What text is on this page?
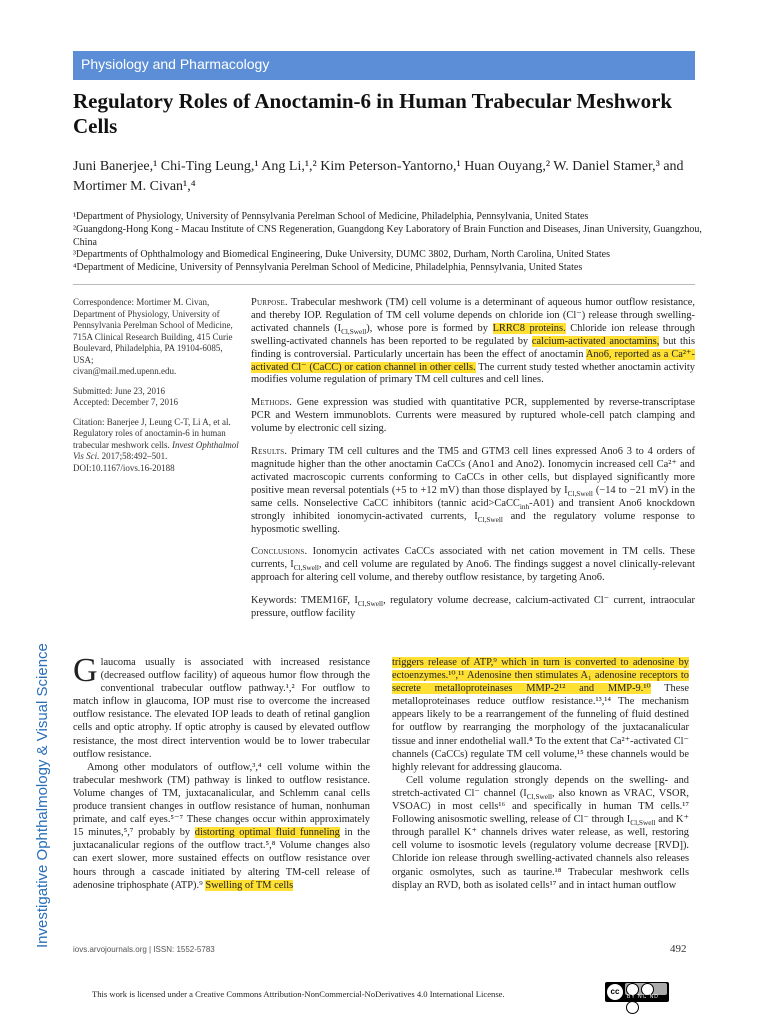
Physiology and Pharmacology
Regulatory Roles of Anoctamin-6 in Human Trabecular Meshwork Cells
Juni Banerjee,¹ Chi-Ting Leung,¹ Ang Li,¹,² Kim Peterson-Yantorno,¹ Huan Ouyang,² W. Daniel Stamer,³ and Mortimer M. Civan¹,⁴
¹Department of Physiology, University of Pennsylvania Perelman School of Medicine, Philadelphia, Pennsylvania, United States
²Guangdong-Hong Kong - Macau Institute of CNS Regeneration, Guangdong Key Laboratory of Brain Function and Diseases, Jinan University, Guangzhou, China
³Departments of Ophthalmology and Biomedical Engineering, Duke University, DUMC 3802, Durham, North Carolina, United States
⁴Department of Medicine, University of Pennsylvania Perelman School of Medicine, Philadelphia, Pennsylvania, United States
Correspondence: Mortimer M. Civan, Department of Physiology, University of Pennsylvania Perelman School of Medicine, 715A Clinical Research Building, 415 Curie Boulevard, Philadelphia, PA 19104-6085, USA;
civan@mail.med.upenn.edu.
Submitted: June 23, 2016
Accepted: December 7, 2016
Citation: Banerjee J, Leung C-T, Li A, et al. Regulatory roles of anoctamin-6 in human trabecular meshwork cells. Invest Ophthalmol Vis Sci. 2017;58:492–501. DOI:10.1167/iovs.16-20188

Purpose. Trabecular meshwork (TM) cell volume is a determinant of aqueous humor outflow resistance, and thereby IOP. Regulation of TM cell volume depends on chloride ion (Cl⁻) release through swelling-activated channels $(I_{Cl,Swell})$, whose pore is formed by LRRC8 proteins. Chloride ion release through swelling-activated channels has been reported to be regulated by calcium-activated anoctamins, but this finding is controversial. Particularly uncertain has been the effect of anoctamin Ano6, reported as a Ca²⁺-activated Cl⁻ (CaCC) or cation channel in other cells. The current study tested whether anoctamin activity modifies volume regulation of primary TM cell cultures and cell lines.

Methods. Gene expression was studied with quantitative PCR, supplemented by reverse-transcriptase PCR and Western immunoblots. Currents were measured by ruptured whole-cell patch clamping and volume by electronic cell sizing.

Results. Primary TM cell cultures and the TM5 and GTM3 cell lines expressed Ano6 3 to 4 orders of magnitude higher than the other anoctamin CaCCs (Ano1 and Ano2). Ionomycin increased cell Ca²⁺ and activated macroscopic currents conforming to CaCCs in other cells, but displayed significantly more positive mean reversal potentials (+5 to +12 mV) than those displayed by $I_{Cl,Swell}$ (−14 to −21 mV) in the same cells. Nonselective CaCC inhibitors (tannic acid>CaCC$_{inh}$-A01) and transient Ano6 knockdown strongly inhibited ionomycin-activated currents, $I_{Cl,Swell}$ and the regulatory volume response to hyposmotic swelling.

Conclusions. Ionomycin activates CaCCs associated with net cation movement in TM cells. These currents, $I_{Cl,Swell}$, and cell volume are regulated by Ano6. The findings suggest a novel clinically-relevant approach for altering cell volume, and thereby outflow resistance, by targeting Ano6.

Keywords: TMEM16F, $I_{Cl,Swell}$, regulatory volume decrease, calcium-activated Cl⁻ current, intraocular pressure, outflow facility

Investigative Ophthalmology & Visual Science Glaucoma usually is associated with increased resistance (decreased outflow facility) of aqueous humor flow through the conventional trabecular outflow pathway.¹,² For outflow to match inflow in glaucoma, IOP must rise to overcome the increased outflow resistance. The elevated IOP leads to death of retinal ganglion cells and optic atrophy. If optic atrophy is caused by elevated outflow resistance, the most direct intervention would be to lower trabecular outflow resistance.

Among other modulators of outflow,³,⁴ cell volume within the trabecular meshwork (TM) pathway is linked to outflow resistance. Volume changes of TM, juxtacanalicular, and Schlemm canal cells produce transient changes in outflow resistance of human, nonhuman primate, and calf eyes.⁵⁻⁷ These changes occur within approximately 15 minutes,⁵,⁷ probably by distorting optimal fluid funneling in the juxtacanalicular regions of the outflow tract.⁵,⁸ Volume changes also can exert slower, more sustained effects on outflow resistance over hours through a cascade initiated by altering TM-cell release of adenosine triphosphate (ATP).⁹ Swelling of TM cells

triggers release of ATP,⁹ which in turn is converted to adenosine by ectoenzymes.¹⁰,¹¹ Adenosine then stimulates A₁ adenosine receptors to secrete metalloproteinases MMP-2¹² and MMP-9.¹⁰ These metalloproteinases reduce outflow resistance.¹³,¹⁴ The mechanism appears likely to be a rearrangement of the funneling of fluid destined for outflow by rearranging the morphology of the juxtacanalicular tissue and inner endothelial wall.⁸ To the extent that Ca²⁺-activated Cl⁻ channels (CaCCs) regulate TM cell volume,¹⁵ these channels would be highly relevant for addressing glaucoma.

Cell volume regulation strongly depends on the swelling- and stretch-activated Cl⁻ channel ($I_{Cl,Swell}$, also known as VRAC, VSOR, VSOAC) in most cells¹⁶ and specifically in human TM cells.¹⁷ Following anisosmotic swelling, release of Cl⁻ through $I_{Cl,Swell}$ and K⁺ through parallel K⁺ channels drives water release, as well, restoring cell volume to isosmotic levels (regulatory volume decrease [RVD]). Chloride ion release through swelling-activated channels also releases organic osmolytes, such as taurine.¹⁸ Trabecular meshwork cells display an RVD, both as isolated cells¹⁷ and in intact human outflow

iovs.arvojournals.org | ISSN: 1552-5783	492
This work is licensed under a Creative Commons Attribution-NonCommercial-NoDerivatives 4.0 International License.	cc
BY NC ND
